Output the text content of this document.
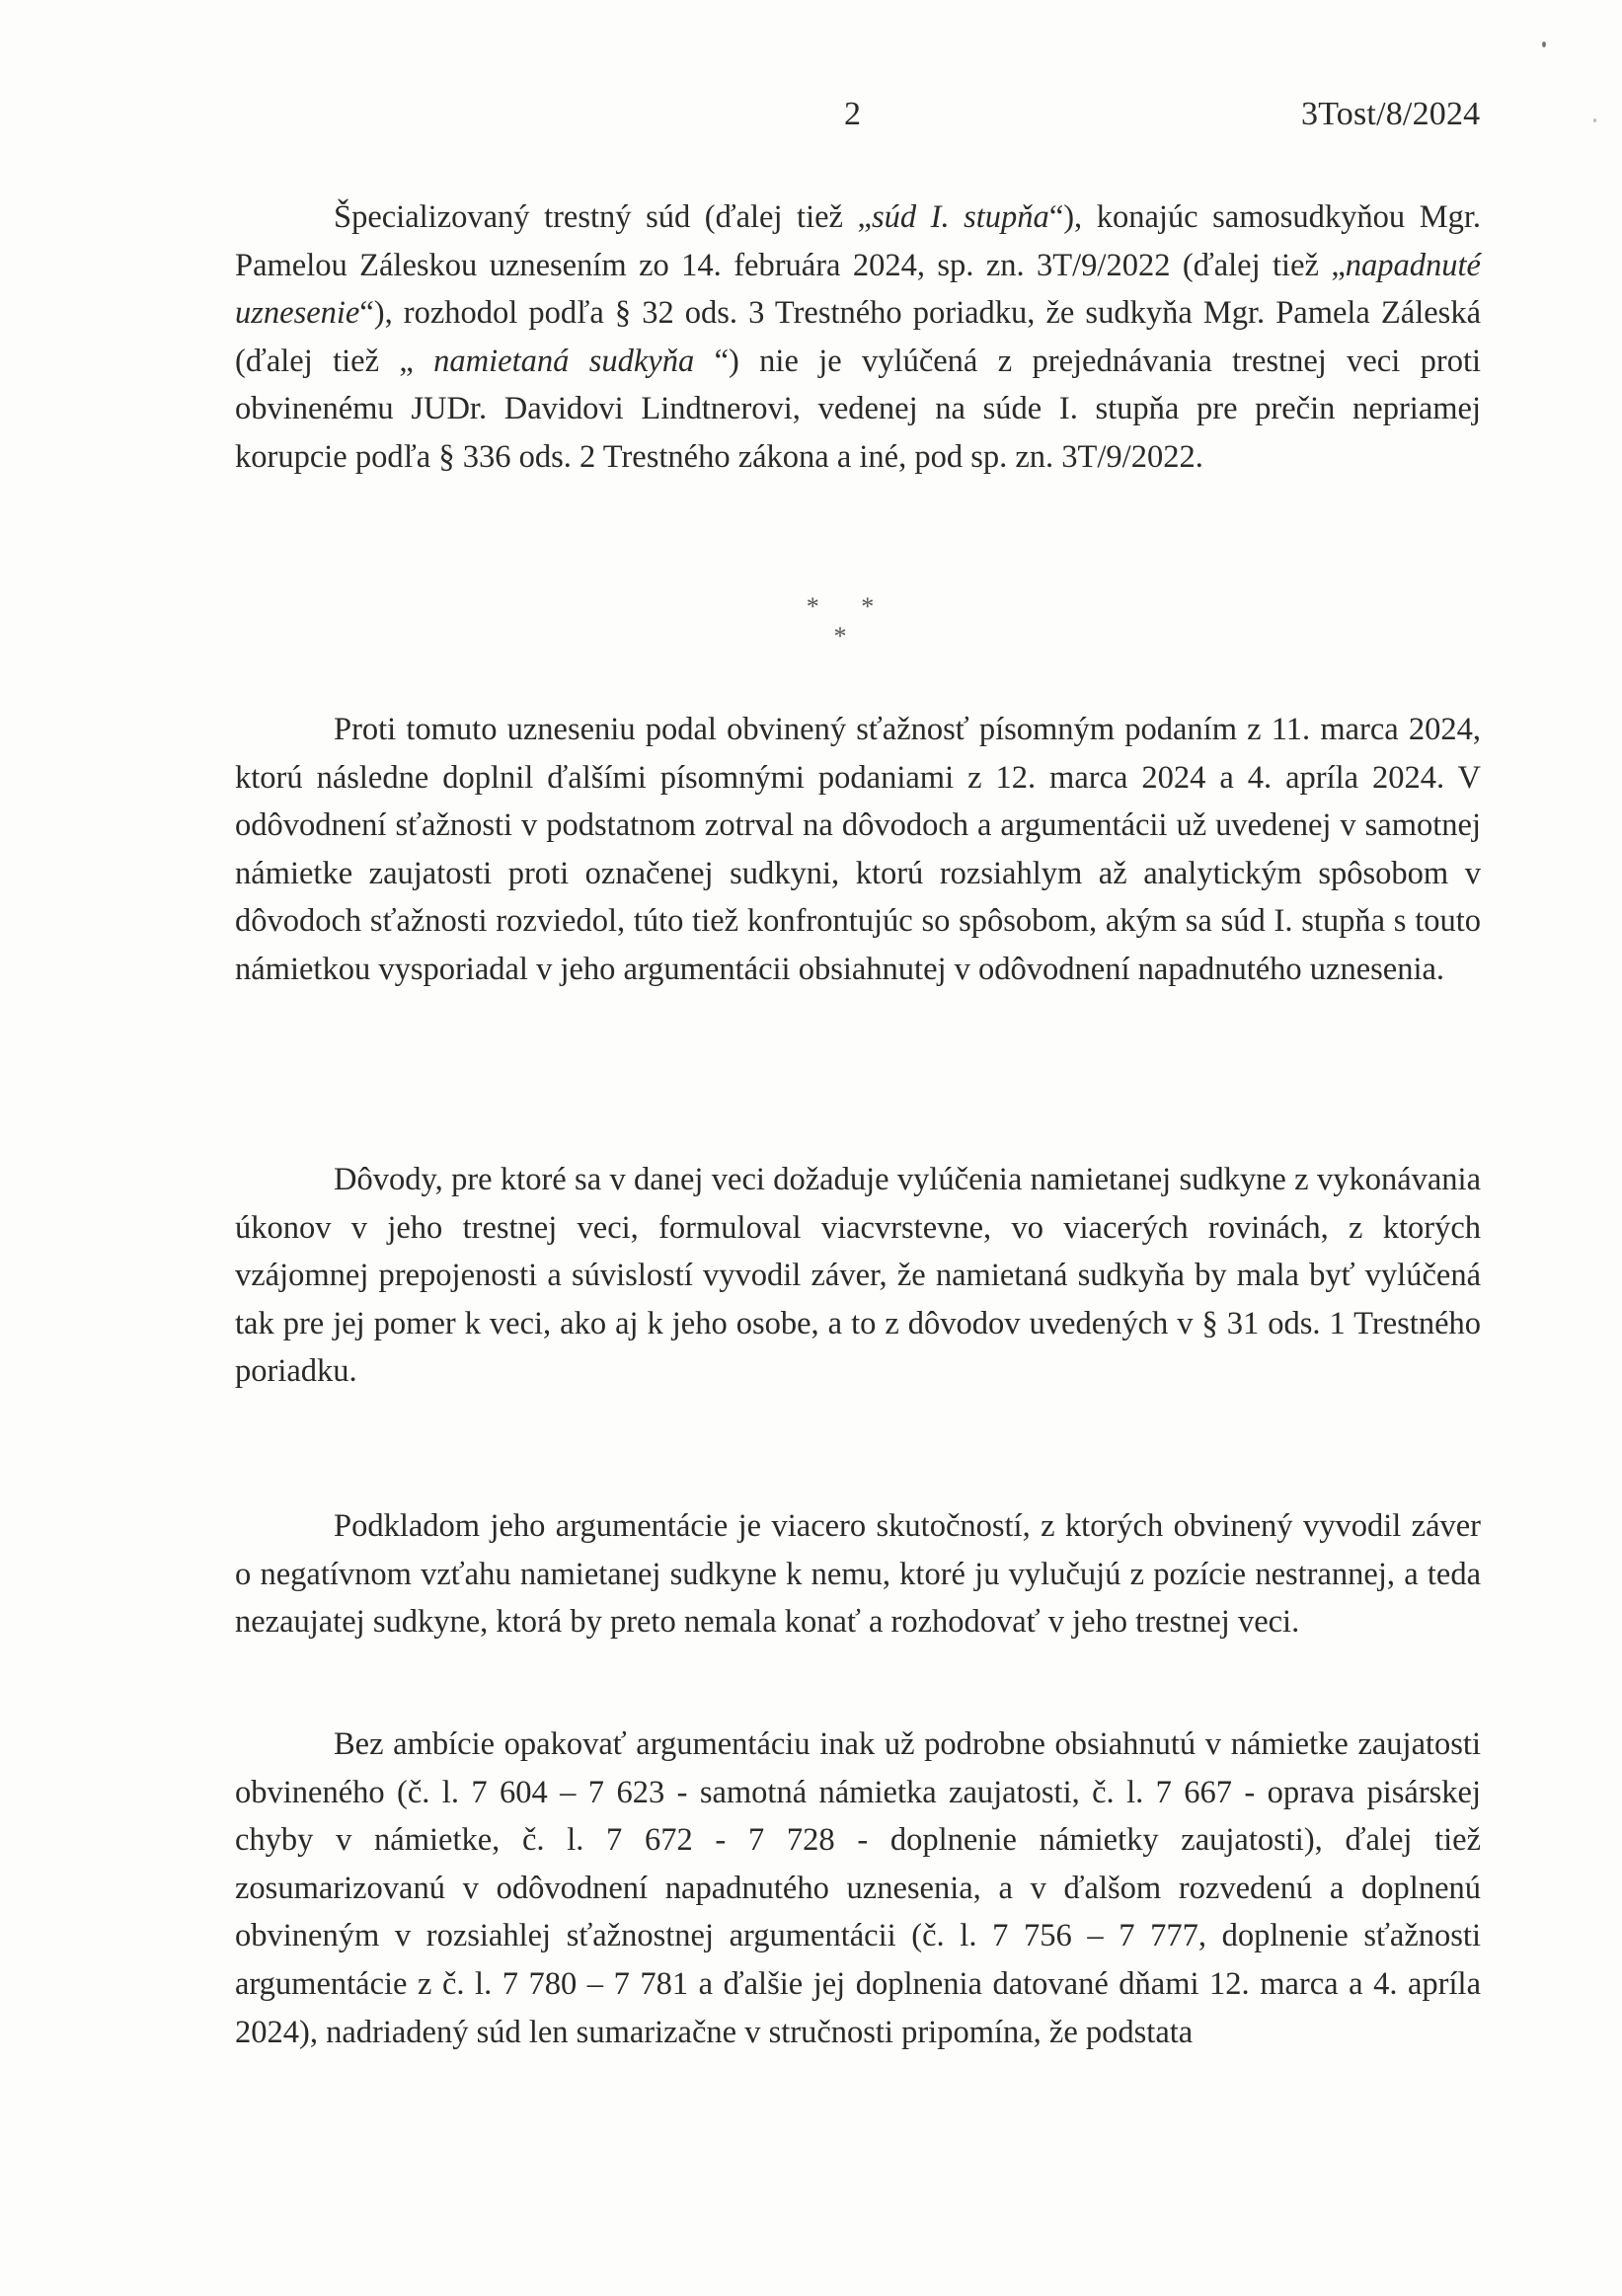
2	3Tost/8/2024

Špecializovaný trestný súd (ďalej tiež „súd I. stupňa“), konajúc samosudkyňou Mgr. Pamelou Záleskou uznesením zo 14. februára 2024, sp. zn. 3T/9/2022 (ďalej tiež „napadnuté uznesenie“), rozhodol podľa § 32 ods. 3 Trestného poriadku, že sudkyňa Mgr. Pamela Záleská (ďalej tiež „ namietaná sudkyňa “) nie je vylúčená z prejednávania trestnej veci proti obvinenému JUDr. Davidovi Lindtnerovi, vedenej na súde I. stupňa pre prečin nepriamej korupcie podľa § 336 ods. 2 Trestného zákona a iné, pod sp. zn. 3T/9/2022.

* * *

Proti tomuto uzneseniu podal obvinený sťažnosť písomným podaním z 11. marca 2024, ktorú následne doplnil ďalšími písomnými podaniami z 12. marca 2024 a 4. apríla 2024. V odôvodnení sťažnosti v podstatnom zotrval na dôvodoch a argumentácii už uvedenej v samotnej námietke zaujatosti proti označenej sudkyni, ktorú rozsiahlym až analytickým spôsobom v dôvodoch sťažnosti rozviedol, túto tiež konfrontujúc so spôsobom, akým sa súd I. stupňa s touto námietkou vysporiadal v jeho argumentácii obsiahnutej v odôvodnení napadnutého uznesenia.

Dôvody, pre ktoré sa v danej veci dožaduje vylúčenia namietanej sudkyne z vykonávania úkonov v jeho trestnej veci, formuloval viacvrstevne, vo viacerých rovinách, z ktorých vzájomnej prepojenosti a súvislostí vyvodil záver, že namietaná sudkyňa by mala byť vylúčená tak pre jej pomer k veci, ako aj k jeho osobe, a to z dôvodov uvedených v § 31 ods. 1 Trestného poriadku.

Podkladom jeho argumentácie je viacero skutočností, z ktorých obvinený vyvodil záver o negatívnom vzťahu namietanej sudkyne k nemu, ktoré ju vylučujú z pozície nestrannej, a teda nezaujatej sudkyne, ktorá by preto nemala konať a rozhodovať v jeho trestnej veci.

Bez ambície opakovať argumentáciu inak už podrobne obsiahnutú v námietke zaujatosti obvineného (č. l. 7 604 – 7 623 - samotná námietka zaujatosti, č. l. 7 667 - oprava pisárskej chyby v námietke, č. l. 7 672 - 7 728 - doplnenie námietky zaujatosti), ďalej tiež zosumarizovanú v odôvodnení napadnutého uznesenia, a v ďalšom rozvedenú a doplnenú obvineným v rozsiahlej sťažnostnej argumentácii (č. l. 7 756 – 7 777, doplnenie sťažnosti argumentácie z č. l. 7 780 – 7 781 a ďalšie jej doplnenia datované dňami 12. marca a 4. apríla 2024), nadriadený súd len sumarizačne v stručnosti pripomína, že podstata
